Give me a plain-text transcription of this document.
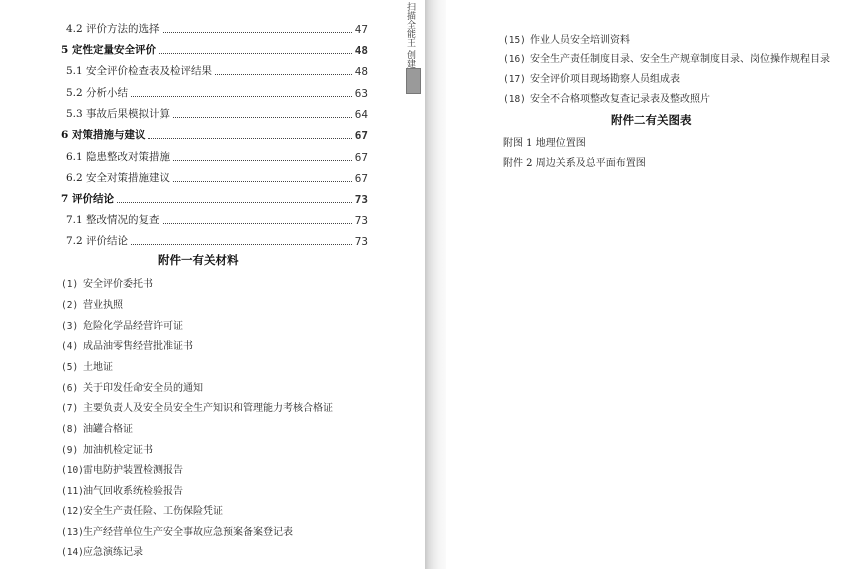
4.2 评价方法的选择	47
5 定性定量安全评价	48
5.1 安全评价检查表及检评结果	48
5.2 分析小结	63
5.3 事故后果模拟计算	64
6 对策措施与建议	67
6.1 隐患整改对策措施	67
6.2 安全对策措施建议	67
7 评价结论	73
7.1 整改情况的复查	73
7.2 评价结论	73
附件一有关材料
(1) 安全评价委托书
(2) 营业执照
(3) 危险化学品经营许可证
(4) 成品油零售经营批准证书
(5) 土地证
(6) 关于印发任命安全员的通知
(7) 主要负责人及安全员安全生产知识和管理能力考核合格证
(8) 油罐合格证
(9) 加油机检定证书
(10)雷电防护装置检测报告
(11)油气回收系统检验报告
(12)安全生产责任险、工伤保险凭证
(13)生产经营单位生产安全事故应急预案备案登记表
(14)应急演练记录
扫描全能王 创建	(15) 作业人员安全培训资料
(16) 安全生产责任制度目录、安全生产规章制度目录、岗位操作规程目录
(17) 安全评价项目现场勘察人员组成表
(18) 安全不合格项整改复查记录表及整改照片
附件二有关图表
附图 1 地理位置图
附件 2 周边关系及总平面布置图
